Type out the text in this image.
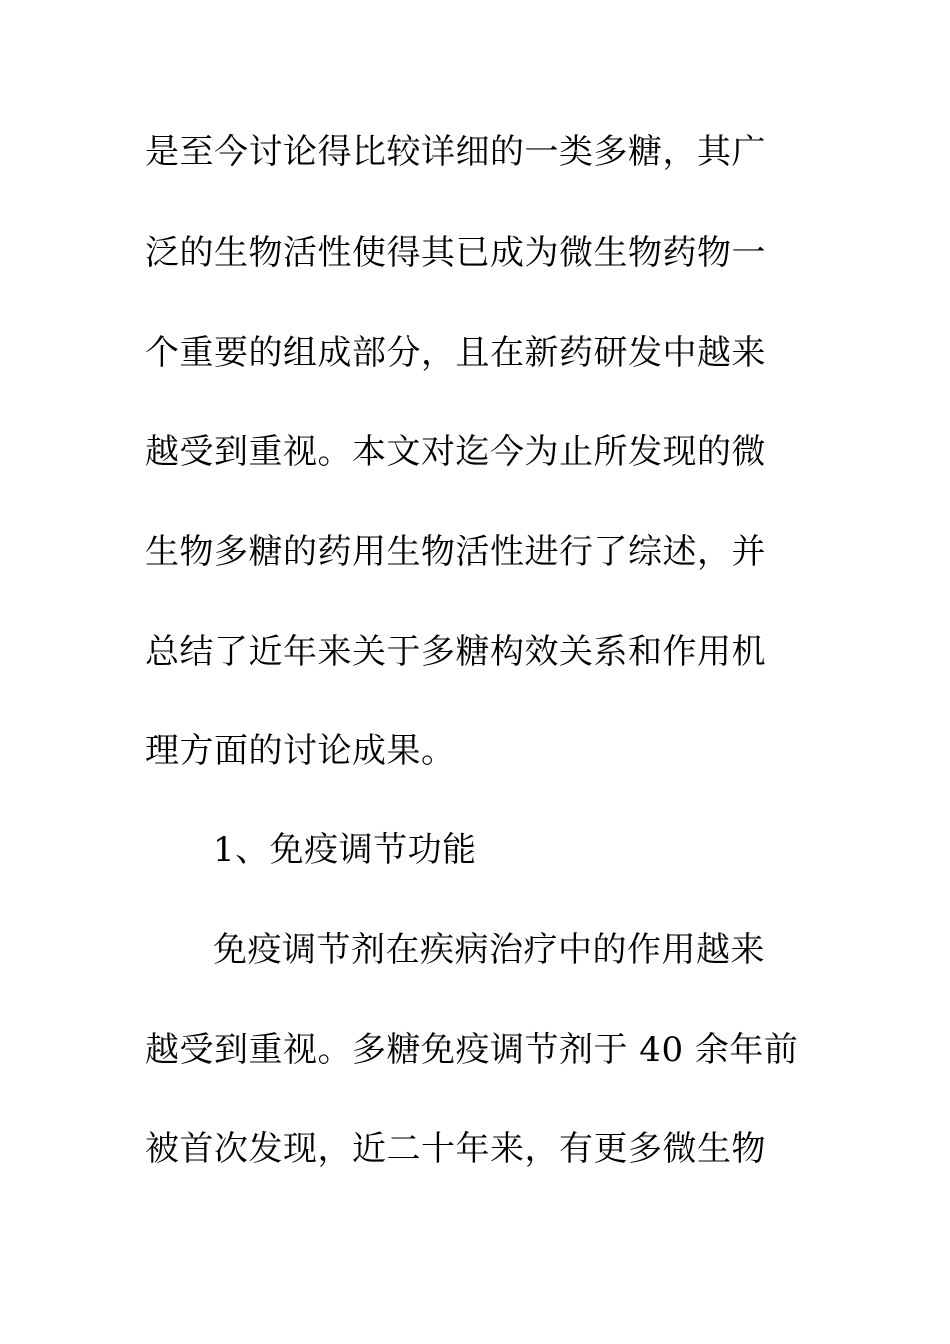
是至今讨论得比较详细的一类多糖，其广
泛的生物活性使得其已成为微生物药物一
个重要的组成部分，且在新药研发中越来
越受到重视。本文对迄今为止所发现的微
生物多糖的药用生物活性进行了综述，并
总结了近年来关于多糖构效关系和作用机
理方面的讨论成果。
1、免疫调节功能
免疫调节剂在疾病治疗中的作用越来
越受到重视。多糖免疫调节剂于 40 余年前
被首次发现，近二十年来，有更多微生物
